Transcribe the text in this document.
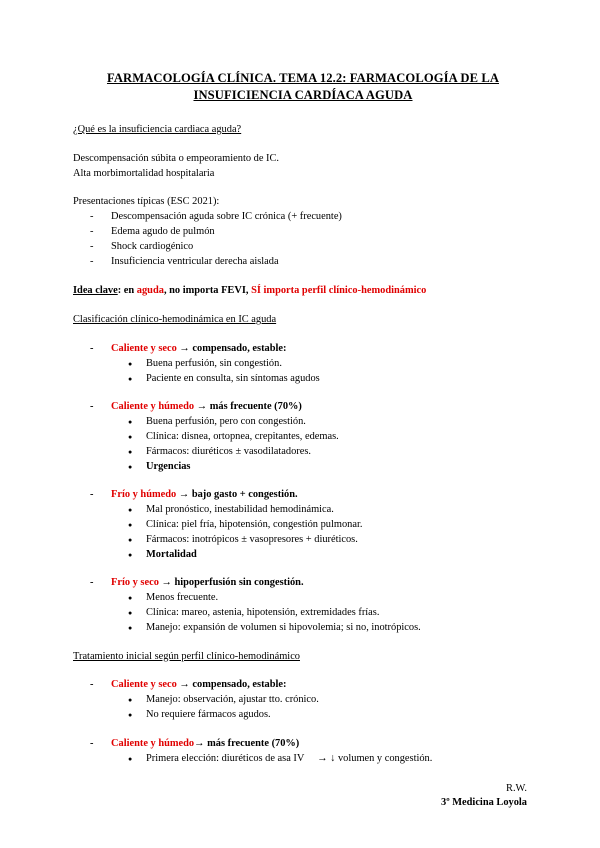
FARMACOLOGÍA CLÍNICA. TEMA 12.2: FARMACOLOGÍA DE LA
INSUFICIENCIA CARDÍACA AGUDA

¿Qué es la insuficiencia cardiaca aguda?

Descompensación súbita o empeoramiento de IC.

Alta morbimortalidad hospitalaria

Presentaciones típicas (ESC 2021):

- Descompensación aguda sobre IC crónica (+ frecuente)
- Edema agudo de pulmón
- Shock cardiogénico
- Insuficiencia ventricular derecha aislada

Idea clave: en aguda, no importa FEVI, SÍ importa perfil clínico-hemodinámico

Clasificación clínico-hemodinámica en IC aguda

- Caliente y seco → compensado, estable:
● Buena perfusión, sin congestión.
● Paciente en consulta, sin síntomas agudos
- Caliente y húmedo → más frecuente (70%)
● Buena perfusión, pero con congestión.
● Clínica: disnea, ortopnea, crepitantes, edemas.
● Fármacos: diuréticos ± vasodilatadores.
● Urgencias
- Frío y húmedo → bajo gasto + congestión.
● Mal pronóstico, inestabilidad hemodinámica.
● Clínica: piel fría, hipotensión, congestión pulmonar.
● Fármacos: inotrópicos ± vasopresores + diuréticos.
● Mortalidad
- Frío y seco → hipoperfusión sin congestión.
● Menos frecuente.
● Clínica: mareo, astenia, hipotensión, extremidades frías.
● Manejo: expansión de volumen si hipovolemia; si no, inotrópicos.

Tratamiento inicial según perfil clínico-hemodinámico

- Caliente y seco → compensado, estable:
● Manejo: observación, ajustar tto. crónico.
● No requiere fármacos agudos.
- Caliente y húmedo→ más frecuente (70%)
● Primera elección: diuréticos de asa IV     → ↓ volumen y congestión.
R.W.
3º Medicina Loyola
